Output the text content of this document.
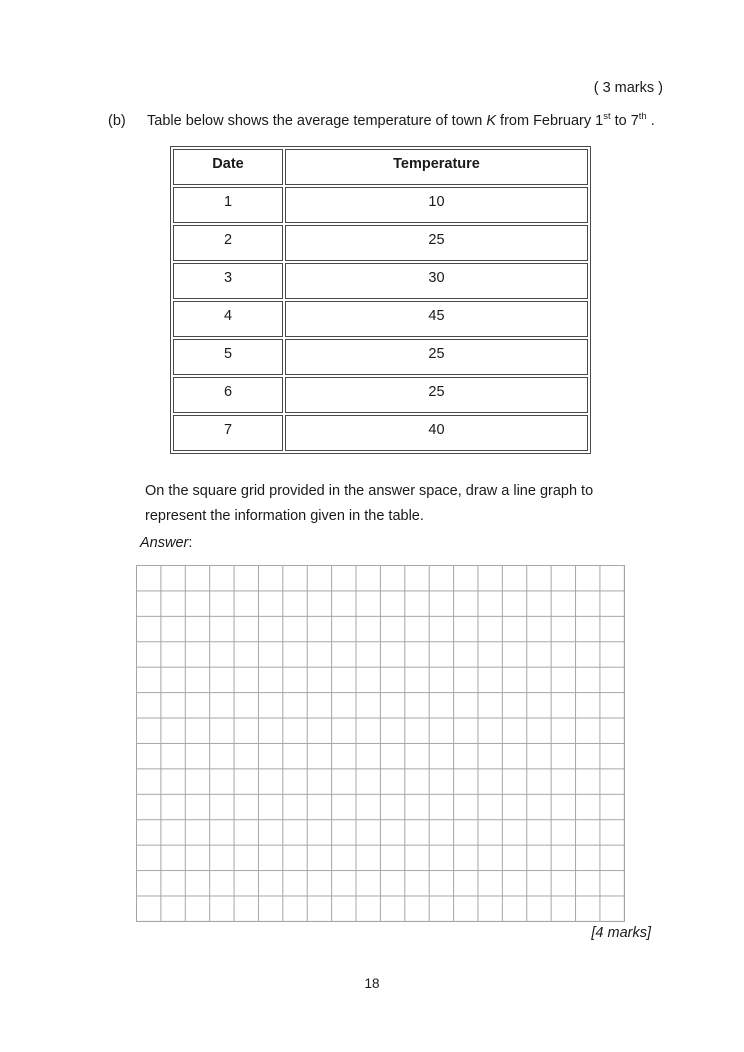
( 3 marks )
(b) Table below shows the average temperature of town K from February 1st to 7th .
Date	Temperature
1	10
2	25
3	30
4	45
5	25
6	25
7	40
On the square grid provided in the answer space, draw a line graph to
represent the information given in the table.
Answer:
[4 marks]
18
